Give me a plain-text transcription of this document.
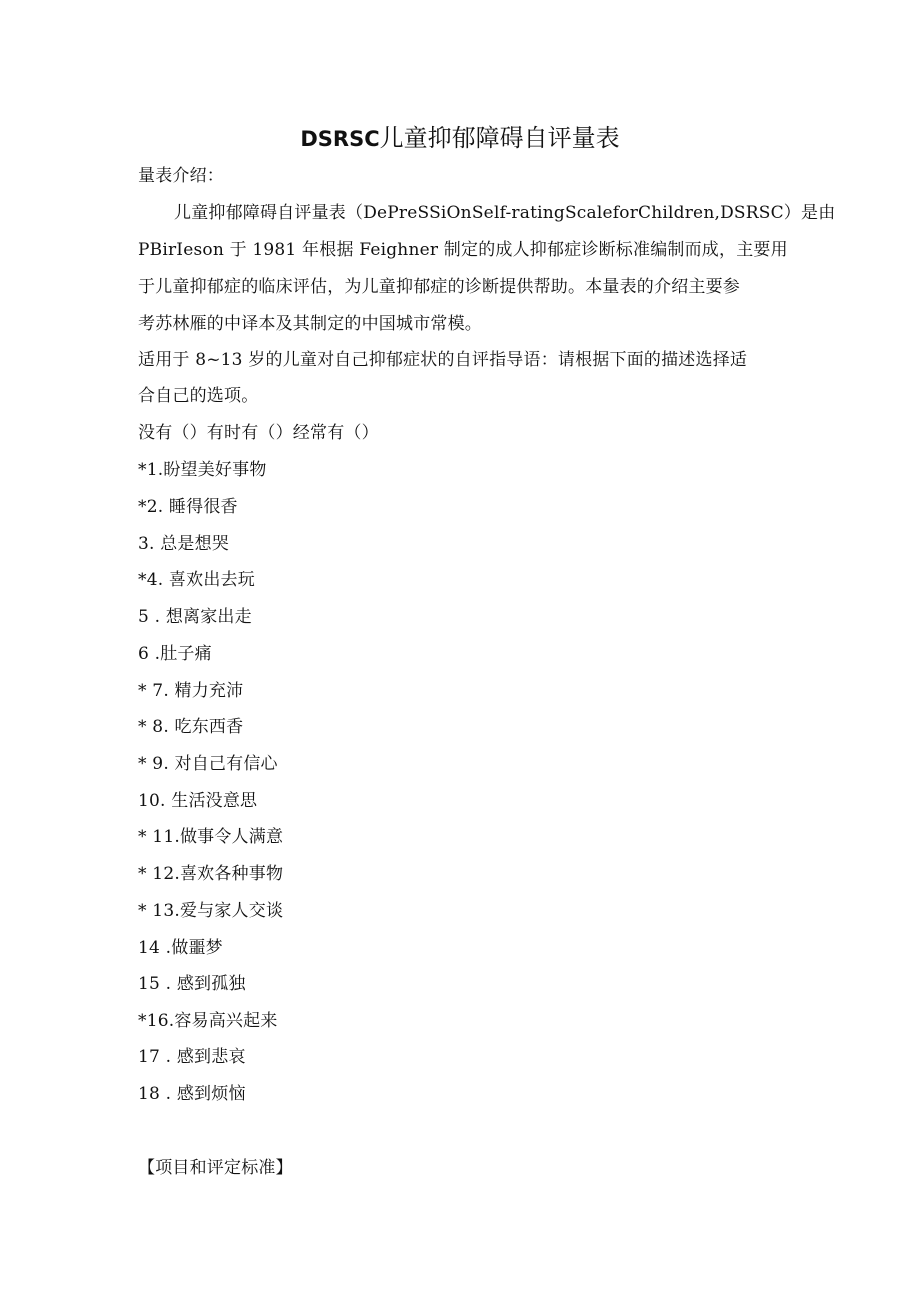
DSRSC儿童抑郁障碍自评量表
量表介绍：
儿童抑郁障碍自评量表（DePreSSiOnSelf-ratingScaleforChildren,DSRSC）是由
PBirIeson 于 1981 年根据 Feighner 制定的成人抑郁症诊断标准编制而成，主要用
于儿童抑郁症的临床评估，为儿童抑郁症的诊断提供帮助。本量表的介绍主要参
考苏林雁的中译本及其制定的中国城市常模。
适用于 8~13 岁的儿童对自己抑郁症状的自评指导语：请根据下面的描述选择适
合自己的选项。
没有（）有时有（）经常有（）
*1.盼望美好事物
*2. 睡得很香
3. 总是想哭
*4. 喜欢出去玩
5 . 想离家出走
6 .肚子痛
* 7. 精力充沛
* 8. 吃东西香
* 9. 对自己有信心
10. 生活没意思
* 11.做事令人满意
* 12.喜欢各种事物
* 13.爱与家人交谈
14 .做噩梦
15 . 感到孤独
*16.容易高兴起来
17 . 感到悲哀
18 . 感到烦恼
【项目和评定标准】
